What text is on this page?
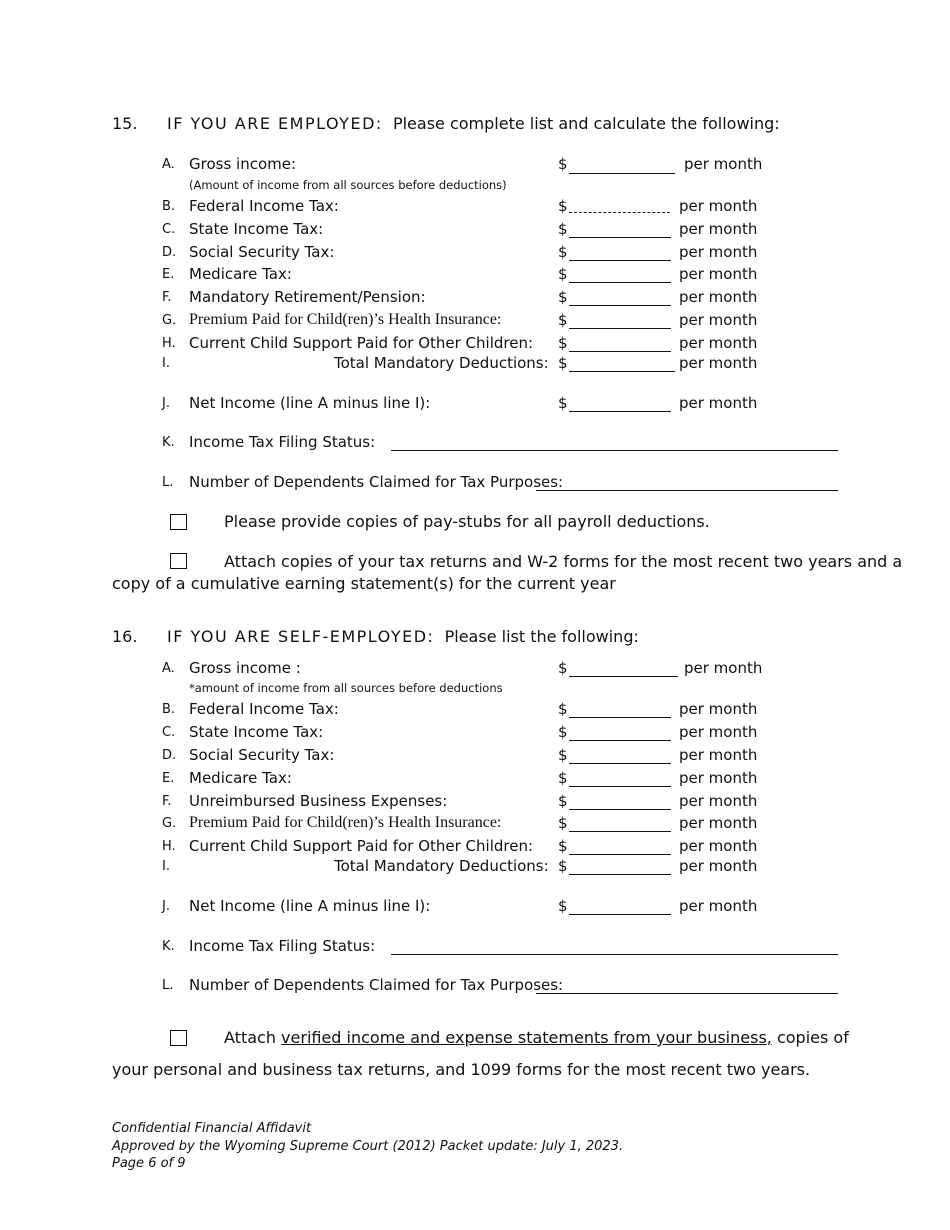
15. IF YOU ARE EMPLOYED: Please complete list and calculate the following:
A. Gross income:
(Amount of income from all sources before deductions)
$	per month
B. Federal Income Tax:	$	per month
C. State Income Tax:	$	per month
D. Social Security Tax:	$	per month
E. Medicare Tax:	$	per month
F. Mandatory Retirement/Pension:	$	per month
G. Premium Paid for Child(ren)’s Health Insurance:	$	per month
H. Current Child Support Paid for Other Children: $	per month
I.	Total Mandatory Deductions: $	per month
J. Net Income (line A minus line I):	$	per month
K. Income Tax Filing Status:
L. Number of Dependents Claimed for Tax Purposes:
Please provide copies of pay-stubs for all payroll deductions.
Attach copies of your tax returns and W-2 forms for the most recent two years and a
copy of a cumulative earning statement(s) for the current year
16. IF YOU ARE SELF-EMPLOYED: Please list the following:
A. Gross income :
*amount of income from all sources before deductions
$	per month
B. Federal Income Tax:	$	per month
C. State Income Tax:	$	per month
D. Social Security Tax:	$	per month
E. Medicare Tax:	$	per month
F. Unreimbursed Business Expenses:	$	per month
G. Premium Paid for Child(ren)’s Health Insurance:	$	per month
H. Current Child Support Paid for Other Children: $	per month
I.	Total Mandatory Deductions: $	per month
J. Net Income (line A minus line I):	$	per month
K. Income Tax Filing Status:
L. Number of Dependents Claimed for Tax Purposes:
Attach verified income and expense statements from your business, copies of
your personal and business tax returns, and 1099 forms for the most recent two years.
Confidential Financial Affidavit
Approved by the Wyoming Supreme Court (2012) Packet update: July 1, 2023.
Page 6 of 9
